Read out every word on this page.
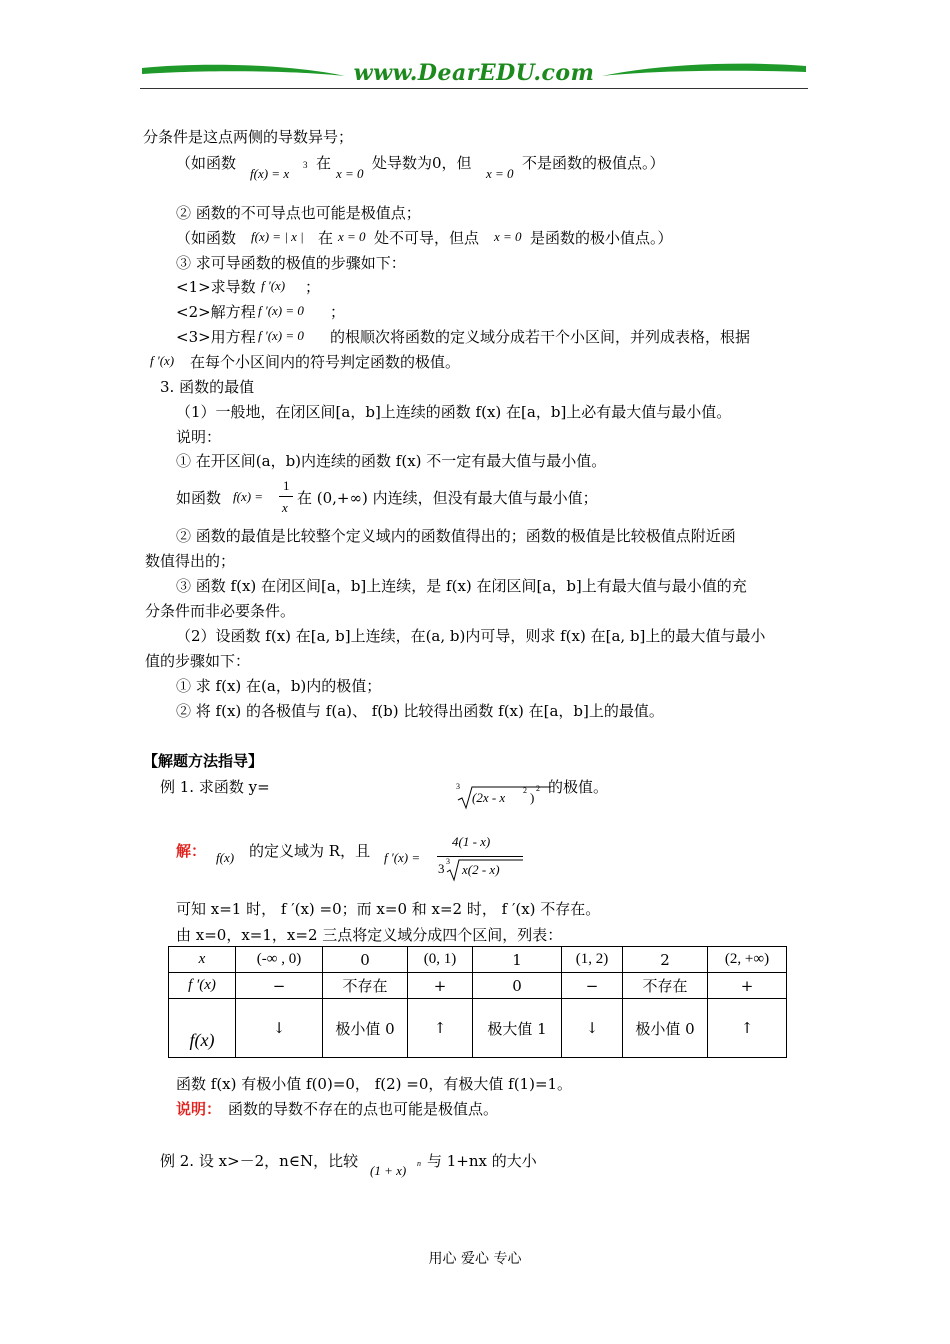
www.DearEDU.com
分条件是这点两侧的导数异号；
（如函数
f(x) = x
3 在
x = 0
处导数为0，但
x = 0
不是函数的极值点。）
② 函数的不可导点也可能是极值点；
（如函数 f(x) = | x | 在 x = 0 处不可导，但点 x = 0 是函数的极小值点。）
③ 求可导函数的极值的步骤如下：
<1>求导数 f ′(x) ；
<2>解方程 f ′(x) = 0 ；
<3>用方程 f ′(x) = 0 的根顺次将函数的定义域分成若干个小区间，并列成表格，根据
f ′(x) 在每个小区间内的符号判定函数的极值。
3. 函数的最值
（1）一般地，在闭区间[a，b]上连续的函数 f(x) 在[a，b]上必有最大值与最小值。
说明：
① 在开区间(a，b)内连续的函数 f(x) 不一定有最大值与最小值。
如函数 f(x) =
1
x
在 (0,+∞) 内连续，但没有最大值与最小值；
② 函数的最值是比较整个定义域内的函数值得出的；函数的极值是比较极值点附近函
数值得出的；
③ 函数 f(x) 在闭区间[a，b]上连续，是 f(x) 在闭区间[a，b]上有最大值与最小值的充
分条件而非必要条件。
（2）设函数 f(x) 在[a, b]上连续，在(a, b)内可导，则求 f(x) 在[a, b]上的最大值与最小
值的步骤如下：
① 求 f(x) 在(a，b)内的极值；
② 将 f(x) 的各极值与 f(a)、 f(b) 比较得出函数 f(x) 在[a，b]上的最值。
【解题方法指导】
例 1. 求函数 y=	3
(2x - x 2 )
2 的极值。
解： f(x) 的定义域为 R，且 f ′(x) =
4(1 - x)
3 3
x(2 - x)
可知 x=1 时， f ′(x) =0；而 x=0 和 x=2 时， f ′(x) 不存在。
由 x=0，x=1，x=2 三点将定义域分成四个区间，列表：
x	(-∞ , 0)	0	(0, 1)	1	(1, 2)	2	(2, +∞)
f ′(x)	−	不存在	+	0	−	不存在	+
f(x)	↓	极小值 0	↑	极大值 1	↓	极小值 0	↑
函数 f(x) 有极小值 f(0)=0， f(2) =0，有极大值 f(1)=1。
说明： 函数的导数不存在的点也可能是极值点。
例 2. 设 x>－2，n∈N，比较
(1 + x) n 与 1+nx 的大小
用心 爱心 专心
